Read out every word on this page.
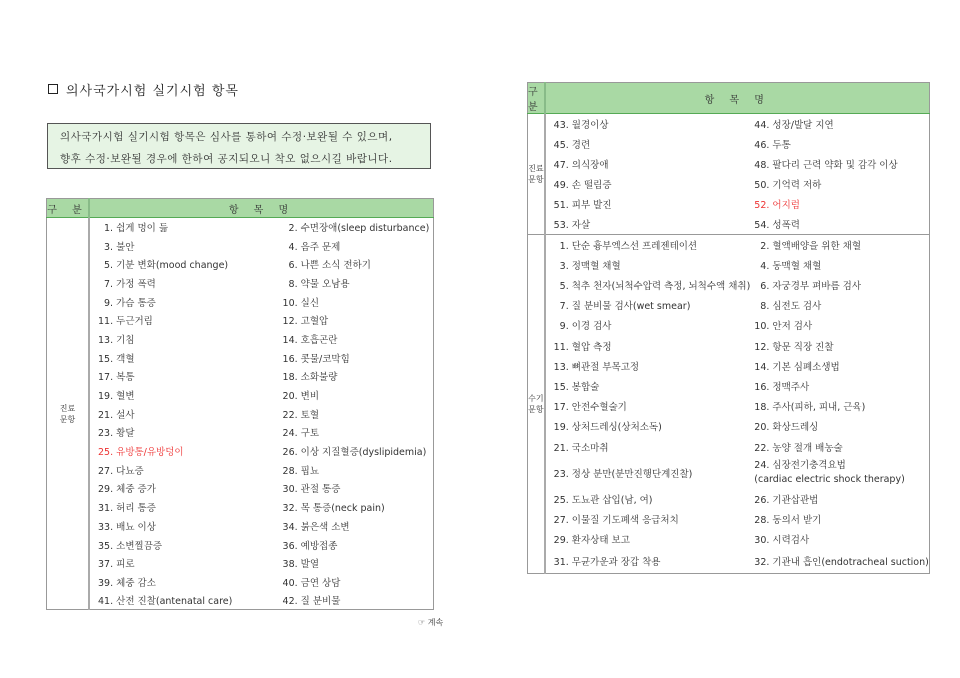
의사국가시험 실기시험 항목
의사국가시험 실기시험 항목은 심사를 통하여 수정·보완될 수 있으며,
향후 수정·보완될 경우에 한하여 공지되오니 착오 없으시길 바랍니다.
구 분	항 목 명	
진료
문항	1. 쉽게 멍이 듦	2. 수면장애(sleep disturbance)
	3. 불안	4. 음주 문제
	5. 기분 변화(mood change)	6. 나쁜 소식 전하기
	7. 가정 폭력	8. 약물 오남용
	9. 가슴 통증	10. 실신
	11. 두근거림	12. 고혈압
	13. 기침	14. 호흡곤란
	15. 객혈	16. 콧물/코막힘
	17. 복통	18. 소화불량
	19. 혈변	20. 변비
	21. 설사	22. 토혈
	23. 황달	24. 구토
	25. 유방통/유방덩이	26. 이상 지질혈증(dyslipidemia)
	27. 다뇨증	28. 핍뇨
	29. 체중 증가	30. 관절 통증
	31. 허리 통증	32. 목 통증(neck pain)
	33. 배뇨 이상	34. 붉은색 소변
	35. 소변찔끔증	36. 예방접종
	37. 피로	38. 발열
	39. 체중 감소	40. 금연 상담
	41. 산전 진찰(antenatal care)	42. 질 분비물
구 분	항 목 명	
진료
문항	43. 월경이상	44. 성장/발달 지연
	45. 경련	46. 두통
	47. 의식장애	48. 팔다리 근력 약화 및 감각 이상
	49. 손 떨림증	50. 기억력 저하
	51. 피부 발진	52. 어지럼
	53. 자살	54. 성폭력
수기
문항	1. 단순 흉부엑스선 프레젠테이션	2. 혈액배양을 위한 채혈
	3. 정맥혈 채혈	4. 동맥혈 채혈
	5. 척추 천자(뇌척수압력 측정, 뇌척수액 채취)	6. 자궁경부 펴바름 검사
	7. 질 분비물 검사(wet smear)	8. 심전도 검사
	9. 이경 검사	10. 안저 검사
	11. 혈압 측정	12. 항문 직장 진찰
	13. 뼈관절 부목고정	14. 기본 심폐소생법
	15. 봉합술	16. 정맥주사
	17. 안전수혈술기	18. 주사(피하, 피내, 근육)
	19. 상처드레싱(상처소독)	20. 화상드레싱
	21. 국소마취	22. 농양 절개 배농술
	23. 정상 분만(분만진행단계진찰)	24. 심장전기충격요법
(cardiac electric shock therapy)
	25. 도뇨관 삽입(남, 여)	26. 기관삽관법
	27. 이물질 기도폐색 응급처치	28. 동의서 받기
	29. 환자상태 보고	30. 시력검사
	31. 무균가운과 장갑 착용	32. 기관내 흡인(endotracheal suction)
☞ 계속
